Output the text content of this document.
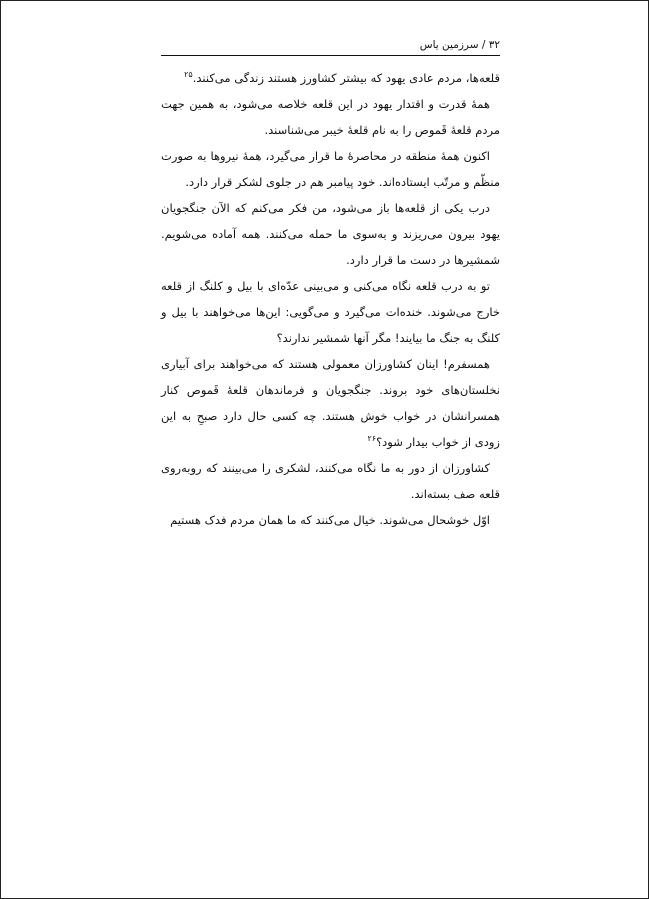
۳۲ / سرزمین یاس

قلعه‌ها، مردم عادی یهود که بیشتر کشاورز هستند زندگی می‌کنند.$^{۲۵}$

همهٔ قدرت و اقتدار یهود در این قلعه خلاصه می‌شود، به همین جهت مردم قلعهٔ قَموص را به نام قلعهٔ خیبر می‌شناسند.

اکنون همهٔ منطقه در محاصرهٔ ما قرار می‌گیرد، همهٔ نیروها به صورت منظّم و مرتّب ایستاده‌اند. خود پیامبر هم در جلوی لشکر قرار دارد.

درب یکی از قلعه‌ها باز می‌شود، من فکر می‌کنم که الآن جنگجویان یهود بیرون می‌ریزند و به‌سوی ما حمله می‌کنند. همه آماده می‌شویم. شمشیرها در دست ما قرار دارد.

تو به درب قلعه نگاه می‌کنی و می‌بینی عدّه‌ای با بیل و کلنگ از قلعه خارج می‌شوند. خنده‌ات می‌گیرد و می‌گویی: این‌ها می‌خواهند با بیل و کلنگ به جنگ ما بیایند! مگر آنها شمشیر ندارند؟

همسفرم! اینان کشاورزان معمولی هستند که می‌خواهند برای آبیاری نخلستان‌های خود بروند. جنگجویان و فرماندهان قلعهٔ قَموص کنار همسرانشان در خواب خوش هستند. چه کسی حال دارد صبحِ به این زودی از خواب بیدار شود؟$^{۲۶}$

کشاورزان از دور به ما نگاه می‌کنند، لشکری را می‌بینند که روبه‌روی قلعه صف بسته‌اند.

اوّل خوشحال می‌شوند. خیال می‌کنند که ما همان مردم فدک هستیم
